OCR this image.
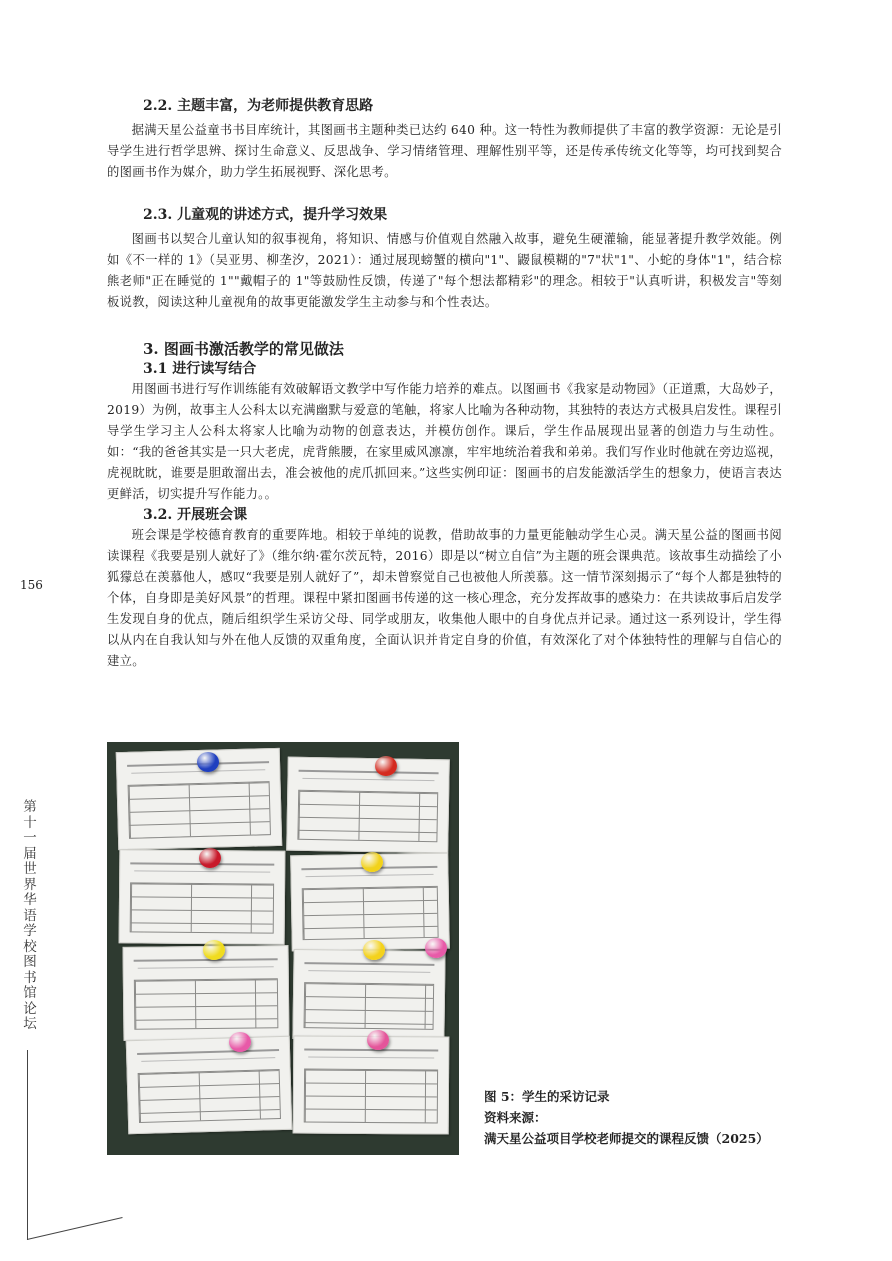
2.2. 主题丰富，为老师提供教育思路

据满天星公益童书书目库统计，其图画书主题种类已达约 640 种。这一特性为教师提供了丰富的教学资源：无论是引导学生进行哲学思辨、探讨生命意义、反思战争、学习情绪管理、理解性别平等，还是传承传统文化等等，均可找到契合的图画书作为媒介，助力学生拓展视野、深化思考。

2.3. 儿童观的讲述方式，提升学习效果

图画书以契合儿童认知的叙事视角，将知识、情感与价值观自然融入故事，避免生硬灌输，能显著提升教学效能。例如《不一样的 1》（吴亚男、柳垄汐，2021）：通过展现螃蟹的横向"1"、鼹鼠模糊的"7"状"1"、小蛇的身体"1"，结合棕熊老师"正在睡觉的 1""戴帽子的 1"等鼓励性反馈，传递了"每个想法都精彩"的理念。相较于"认真听讲，积极发言"等刻板说教，阅读这种儿童视角的故事更能激发学生主动参与和个性表达。

3. 图画书激活教学的常见做法
3.1 进行读写结合

用图画书进行写作训练能有效破解语文教学中写作能力培养的难点。以图画书《我家是动物园》（正道熏，大岛妙子，2019）为例，故事主人公科太以充满幽默与爱意的笔触，将家人比喻为各种动物，其独特的表达方式极具启发性。课程引导学生学习主人公科太将家人比喻为动物的创意表达，并模仿创作。课后，学生作品展现出显著的创造力与生动性。如：“我的爸爸其实是一只大老虎，虎背熊腰，在家里威风凛凛，牢牢地统治着我和弟弟。我们写作业时他就在旁边巡视，虎视眈眈，谁要是胆敢溜出去，准会被他的虎爪抓回来。”这些实例印证：图画书的启发能激活学生的想象力，使语言表达更鲜活，切实提升写作能力。。

3.2. 开展班会课

班会课是学校德育教育的重要阵地。相较于单纯的说教，借助故事的力量更能触动学生心灵。满天星公益的图画书阅读课程《我要是别人就好了》（维尔纳·霍尔茨瓦特，2016）即是以“树立自信”为主题的班会课典范。该故事生动描绘了小狐獴总在羡慕他人，感叹“我要是别人就好了”，却未曾察觉自己也被他人所羡慕。这一情节深刻揭示了“每个人都是独特的个体，自身即是美好风景”的哲理。课程中紧扣图画书传递的这一核心理念，充分发挥故事的感染力：在共读故事后启发学生发现自身的优点，随后组织学生采访父母、同学或朋友，收集他人眼中的自身优点并记录。通过这一系列设计，学生得以从内在自我认知与外在他人反馈的双重角度，全面认识并肯定自身的价值，有效深化了对个体独特性的理解与自信心的建立。

图 5：学生的采访记录
资料来源：
满天星公益项目学校老师提交的课程反馈（2025）
156
第
十
一
届
世
界
华
语
学
校
图
书
馆
论
坛
